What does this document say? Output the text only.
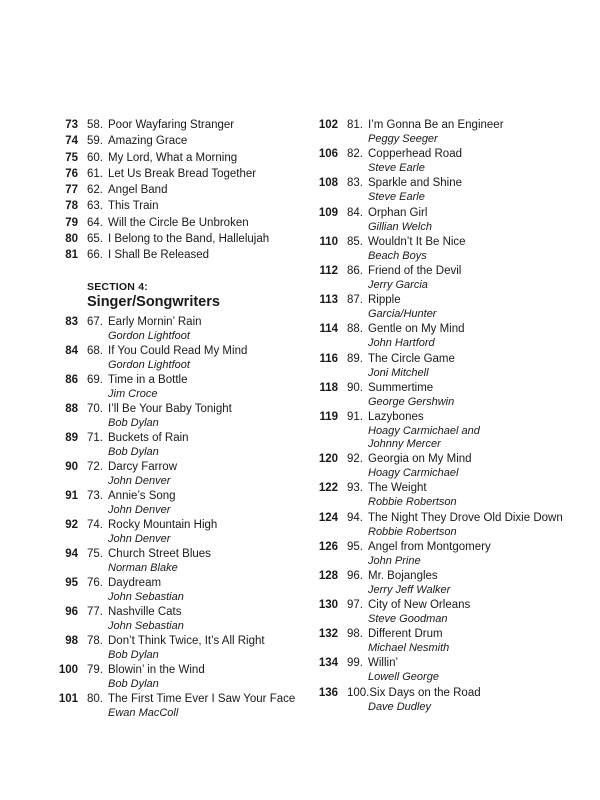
73 58. Poor Wayfaring Stranger
74 59. Amazing Grace
75 60. My Lord, What a Morning
76 61. Let Us Break Bread Together
77 62. Angel Band
78 63. This Train
79 64. Will the Circle Be Unbroken
80 65. I Belong to the Band, Hallelujah
81 66. I Shall Be Released
SECTION 4:
Singer/Songwriters
83 67. Early Mornin’ Rain
Gordon Lightfoot
84 68. If You Could Read My Mind
Gordon Lightfoot
86 69. Time in a Bottle
Jim Croce
88 70. I’ll Be Your Baby Tonight
Bob Dylan
89 71. Buckets of Rain
Bob Dylan
90 72. Darcy Farrow
John Denver
91 73. Annie’s Song
John Denver
92 74. Rocky Mountain High
John Denver
94 75. Church Street Blues
Norman Blake
95 76. Daydream
John Sebastian
96 77. Nashville Cats
John Sebastian
98 78. Don’t Think Twice, It’s All Right
Bob Dylan
100 79. Blowin’ in the Wind
Bob Dylan
101 80. The First Time Ever I Saw Your Face
Ewan MacColl
102 81. I’m Gonna Be an Engineer
Peggy Seeger
106 82. Copperhead Road
Steve Earle
108 83. Sparkle and Shine
Steve Earle
109 84. Orphan Girl
Gillian Welch
110 85. Wouldn’t It Be Nice
Beach Boys
112 86. Friend of the Devil
Jerry Garcia
113 87. Ripple
Garcia/Hunter
114 88. Gentle on My Mind
John Hartford
116 89. The Circle Game
Joni Mitchell
118 90. Summertime
George Gershwin
119 91. Lazybones
Hoagy Carmichael and
Johnny Mercer
120 92. Georgia on My Mind
Hoagy Carmichael
122 93. The Weight
Robbie Robertson
124 94. The Night They Drove Old Dixie Down
Robbie Robertson
126 95. Angel from Montgomery
John Prine
128 96. Mr. Bojangles
Jerry Jeff Walker
130 97. City of New Orleans
Steve Goodman
132 98. Different Drum
Michael Nesmith
134 99. Willin’
Lowell George
136 100.Six Days on the Road
Dave Dudley
